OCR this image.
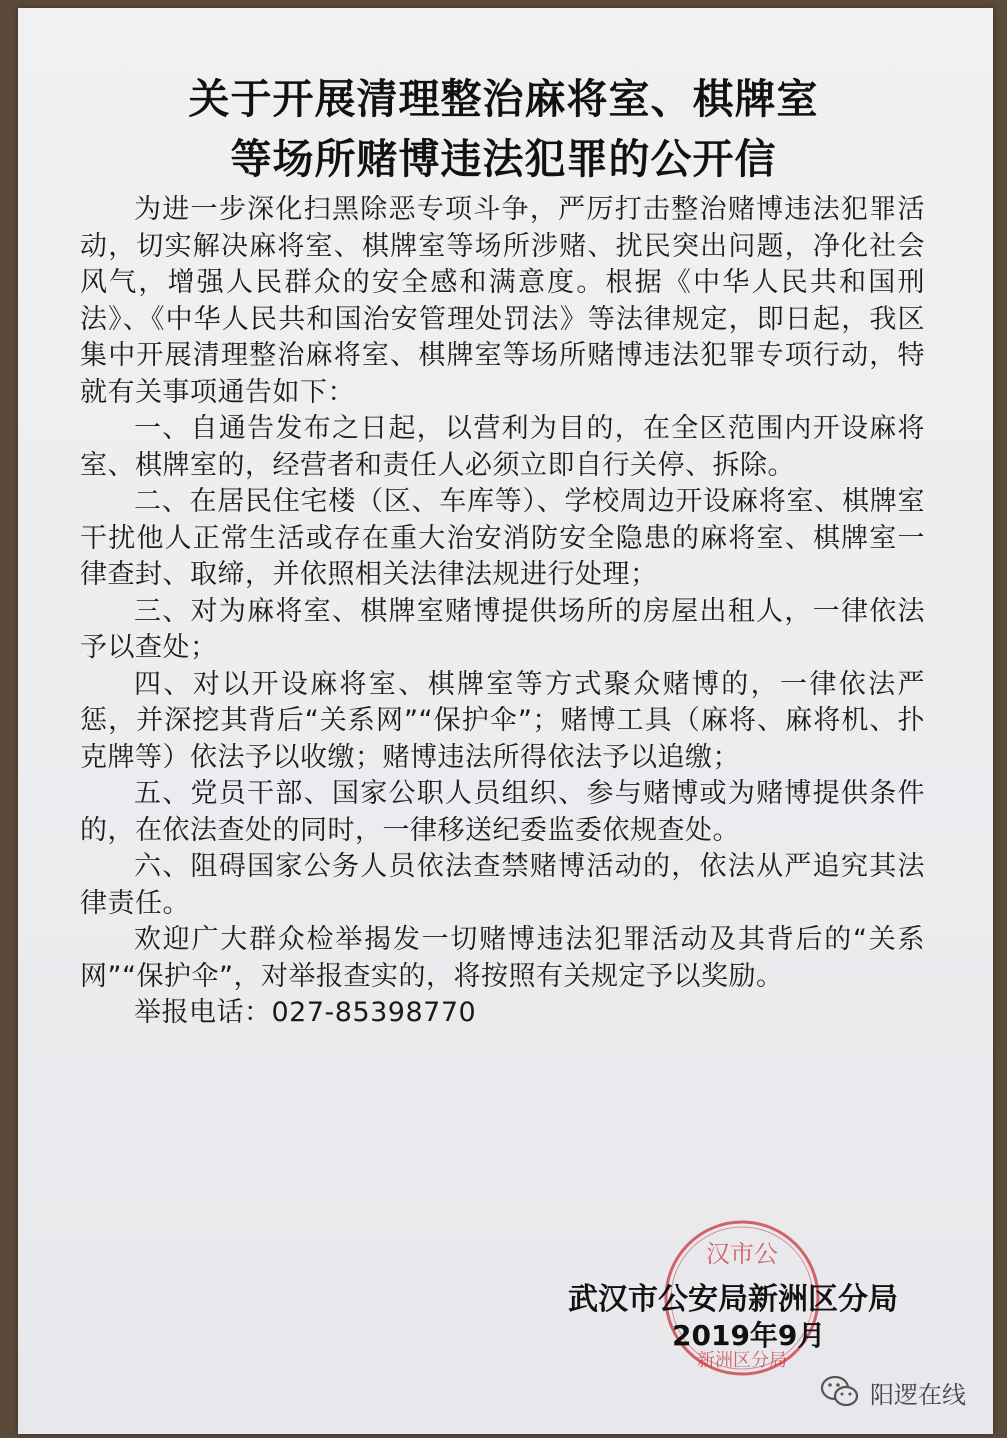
关于开展清理整治麻将室、棋牌室
等场所赌博违法犯罪的公开信

为进一步深化扫黑除恶专项斗争，严厉打击整治赌博违法犯罪活动，切实解决麻将室、棋牌室等场所涉赌、扰民突出问题，净化社会风气，增强人民群众的安全感和满意度。根据《中华人民共和国刑法》、《中华人民共和国治安管理处罚法》等法律规定，即日起，我区集中开展清理整治麻将室、棋牌室等场所赌博违法犯罪专项行动，特就有关事项通告如下：

一、自通告发布之日起，以营利为目的，在全区范围内开设麻将室、棋牌室的，经营者和责任人必须立即自行关停、拆除。

二、在居民住宅楼（区、车库等）、学校周边开设麻将室、棋牌室干扰他人正常生活或存在重大治安消防安全隐患的麻将室、棋牌室一律查封、取缔，并依照相关法律法规进行处理；

三、对为麻将室、棋牌室赌博提供场所的房屋出租人，一律依法予以查处；

四、对以开设麻将室、棋牌室等方式聚众赌博的，一律依法严惩，并深挖其背后“关系网”“保护伞”；赌博工具（麻将、麻将机、扑克牌等）依法予以收缴；赌博违法所得依法予以追缴；

五、党员干部、国家公职人员组织、参与赌博或为赌博提供条件的，在依法查处的同时，一律移送纪委监委依规查处。

六、阻碍国家公务人员依法查禁赌博活动的，依法从严追究其法律责任。

欢迎广大群众检举揭发一切赌博违法犯罪活动及其背后的“关系网”“保护伞”，对举报查实的，将按照有关规定予以奖励。

举报电话：027-85398770

汉市公
新洲区分局
武汉市公安局新洲区分局
2019年9月
阳逻在线
